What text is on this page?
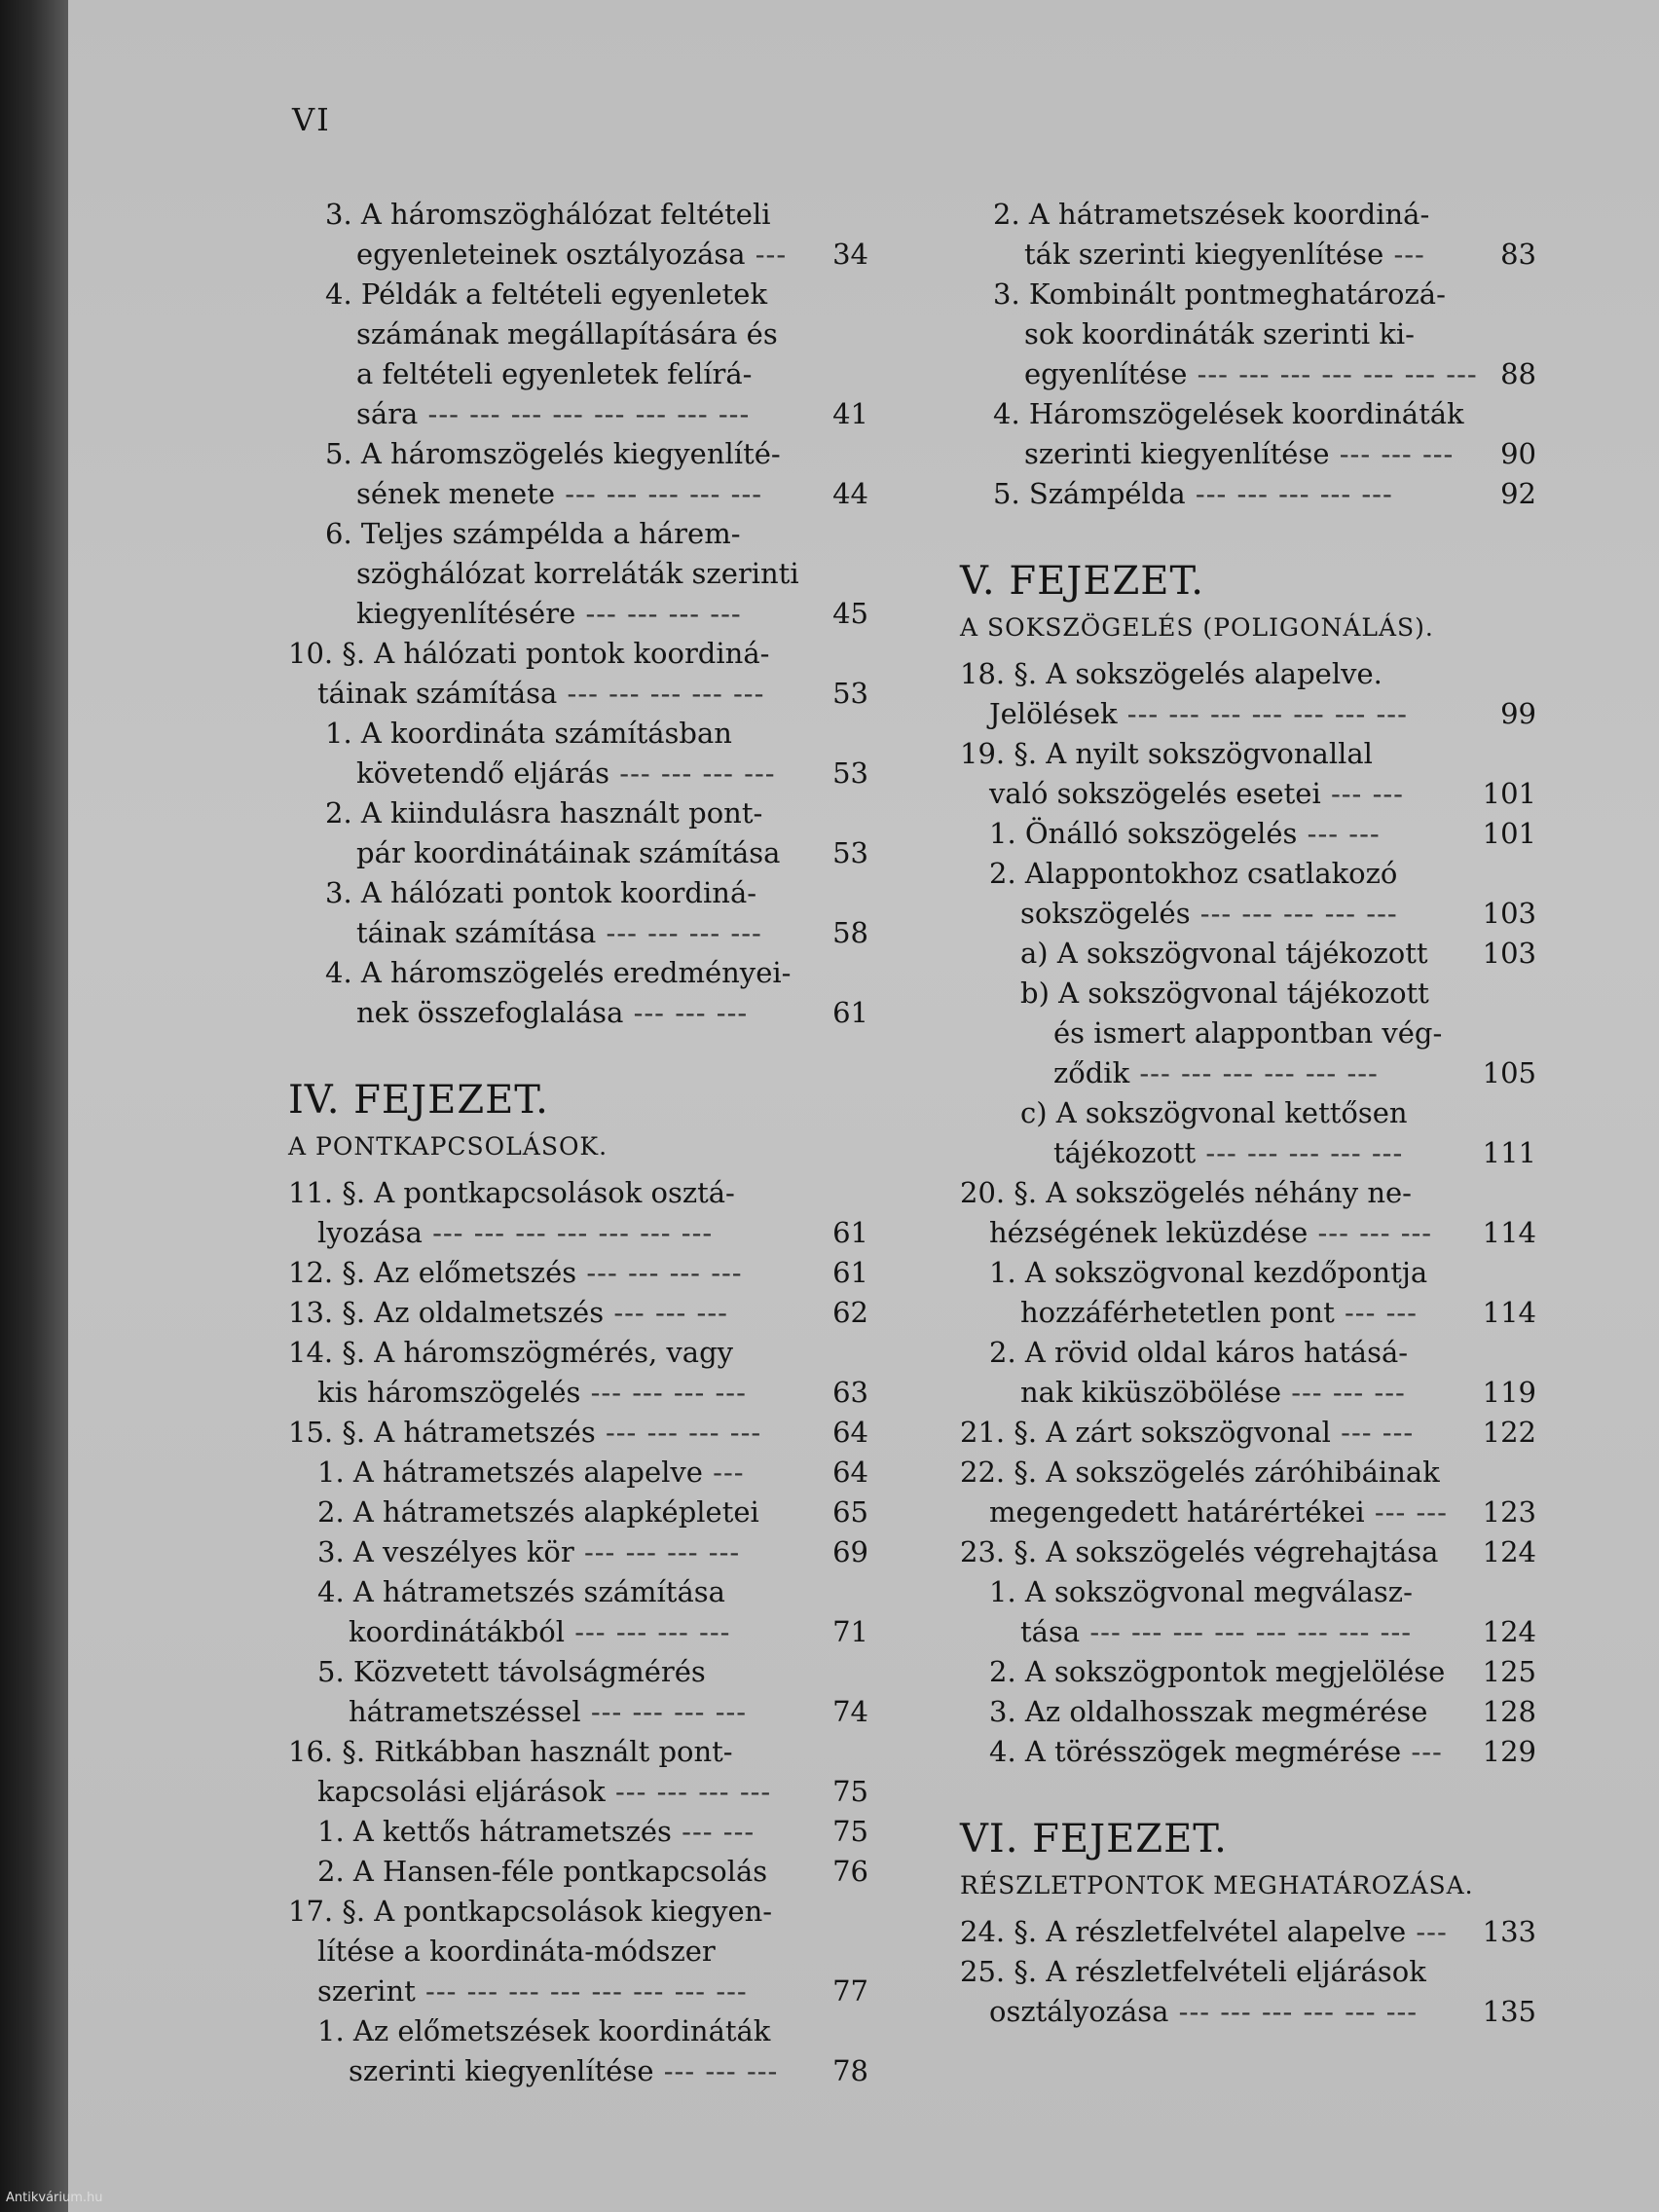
VI
3. A háromszöghálózat feltételi
egyenleteinek osztályozása --- 34
4. Példák a feltételi egyenletek
számának megállapítására és
a feltételi egyenletek felírá-
sára --- --- --- --- --- --- --- ---	41
5. A háromszögelés kiegyenlíté-
sének menete --- --- --- --- --- 44
6. Teljes számpélda a hárem-
szöghálózat korreláták szerinti
kiegyenlítésére --- --- --- ---	45
10. §. A hálózati pontok koordiná-
táinak számítása --- --- --- --- --- 53
1. A koordináta számításban
követendő eljárás --- --- --- --- 53
2. A kiindulásra használt pont-
pár koordinátáinak számítása 53
3. A hálózati pontok koordiná-
táinak számítása --- --- --- --- 58
4. A háromszögelés eredményei-
nek összefoglalása --- --- ---	61
IV. FEJEZET.
A PONTKAPCSOLÁSOK.
11. §. A pontkapcsolások osztá-
lyozása --- --- --- --- --- --- ---	61
12. §. Az előmetszés --- --- --- ---	61
13. §. Az oldalmetszés --- --- ---	62
14. §. A háromszögmérés, vagy
kis háromszögelés --- --- --- ---	63
15. §. A hátrametszés --- --- --- ---	64
1. A hátrametszés alapelve ---	64
2. A hátrametszés alapképletei	65
3. A veszélyes kör --- --- --- ---	69
4. A hátrametszés számítása
koordinátákból --- --- --- ---	71
5. Közvetett távolságmérés
hátrametszéssel --- --- --- ---	74
16. §. Ritkábban használt pont-
kapcsolási eljárások --- --- --- --- 75
1. A kettős hátrametszés --- ---	75
2. A Hansen-féle pontkapcsolás 76
17. §. A pontkapcsolások kiegyen-
lítése a koordináta-módszer
szerint --- --- --- --- --- --- --- ---	77
1. Az előmetszések koordináták
szerinti kiegyenlítése --- --- --- 78
2. A hátrametszések koordiná-
ták szerinti kiegyenlítése ---	83
3. Kombinált pontmeghatározá-
sok koordináták szerinti ki-
egyenlítése --- --- --- --- --- --- --- 88
4. Háromszögelések koordináták
szerinti kiegyenlítése --- --- --- 90
5. Számpélda --- --- --- --- ---	92
V. FEJEZET.
A SOKSZÖGELÉS (POLIGONÁLÁS).
18. §. A sokszögelés alapelve.
Jelölések --- --- --- --- --- --- ---	99
19. §. A nyilt sokszögvonallal
való sokszögelés esetei --- ---	101
1. Önálló sokszögelés --- ---	101
2. Alappontokhoz csatlakozó
sokszögelés --- --- --- --- ---	103
a) A sokszögvonal tájékozott 103
b) A sokszögvonal tájékozott
és ismert alappontban vég-
ződik --- --- --- --- --- ---	105
c) A sokszögvonal kettősen
tájékozott --- --- --- --- ---	111
20. §. A sokszögelés néhány ne-
hézségének leküzdése --- --- --- 114
1. A sokszögvonal kezdőpontja
hozzáférhetetlen pont --- --- 114
2. A rövid oldal káros hatásá-
nak kiküszöbölése --- --- ---	119
21. §. A zárt sokszögvonal --- --- 122
22. §. A sokszögelés záróhibáinak
megengedett határértékei --- --- 123
23. §. A sokszögelés végrehajtása 124
1. A sokszögvonal megválasz-
tása --- --- --- --- --- --- --- ---	124
2. A sokszögpontok megjelölése 125
3. Az oldalhosszak megmérése 128
4. A törésszögek megmérése --- 129
VI. FEJEZET.
RÉSZLETPONTOK MEGHATÁROZÁSA.
24. §. A részletfelvétel alapelve --- 133
25. §. A részletfelvételi eljárások
osztályozása --- --- --- --- --- --- 135
Antikvárium.hu
